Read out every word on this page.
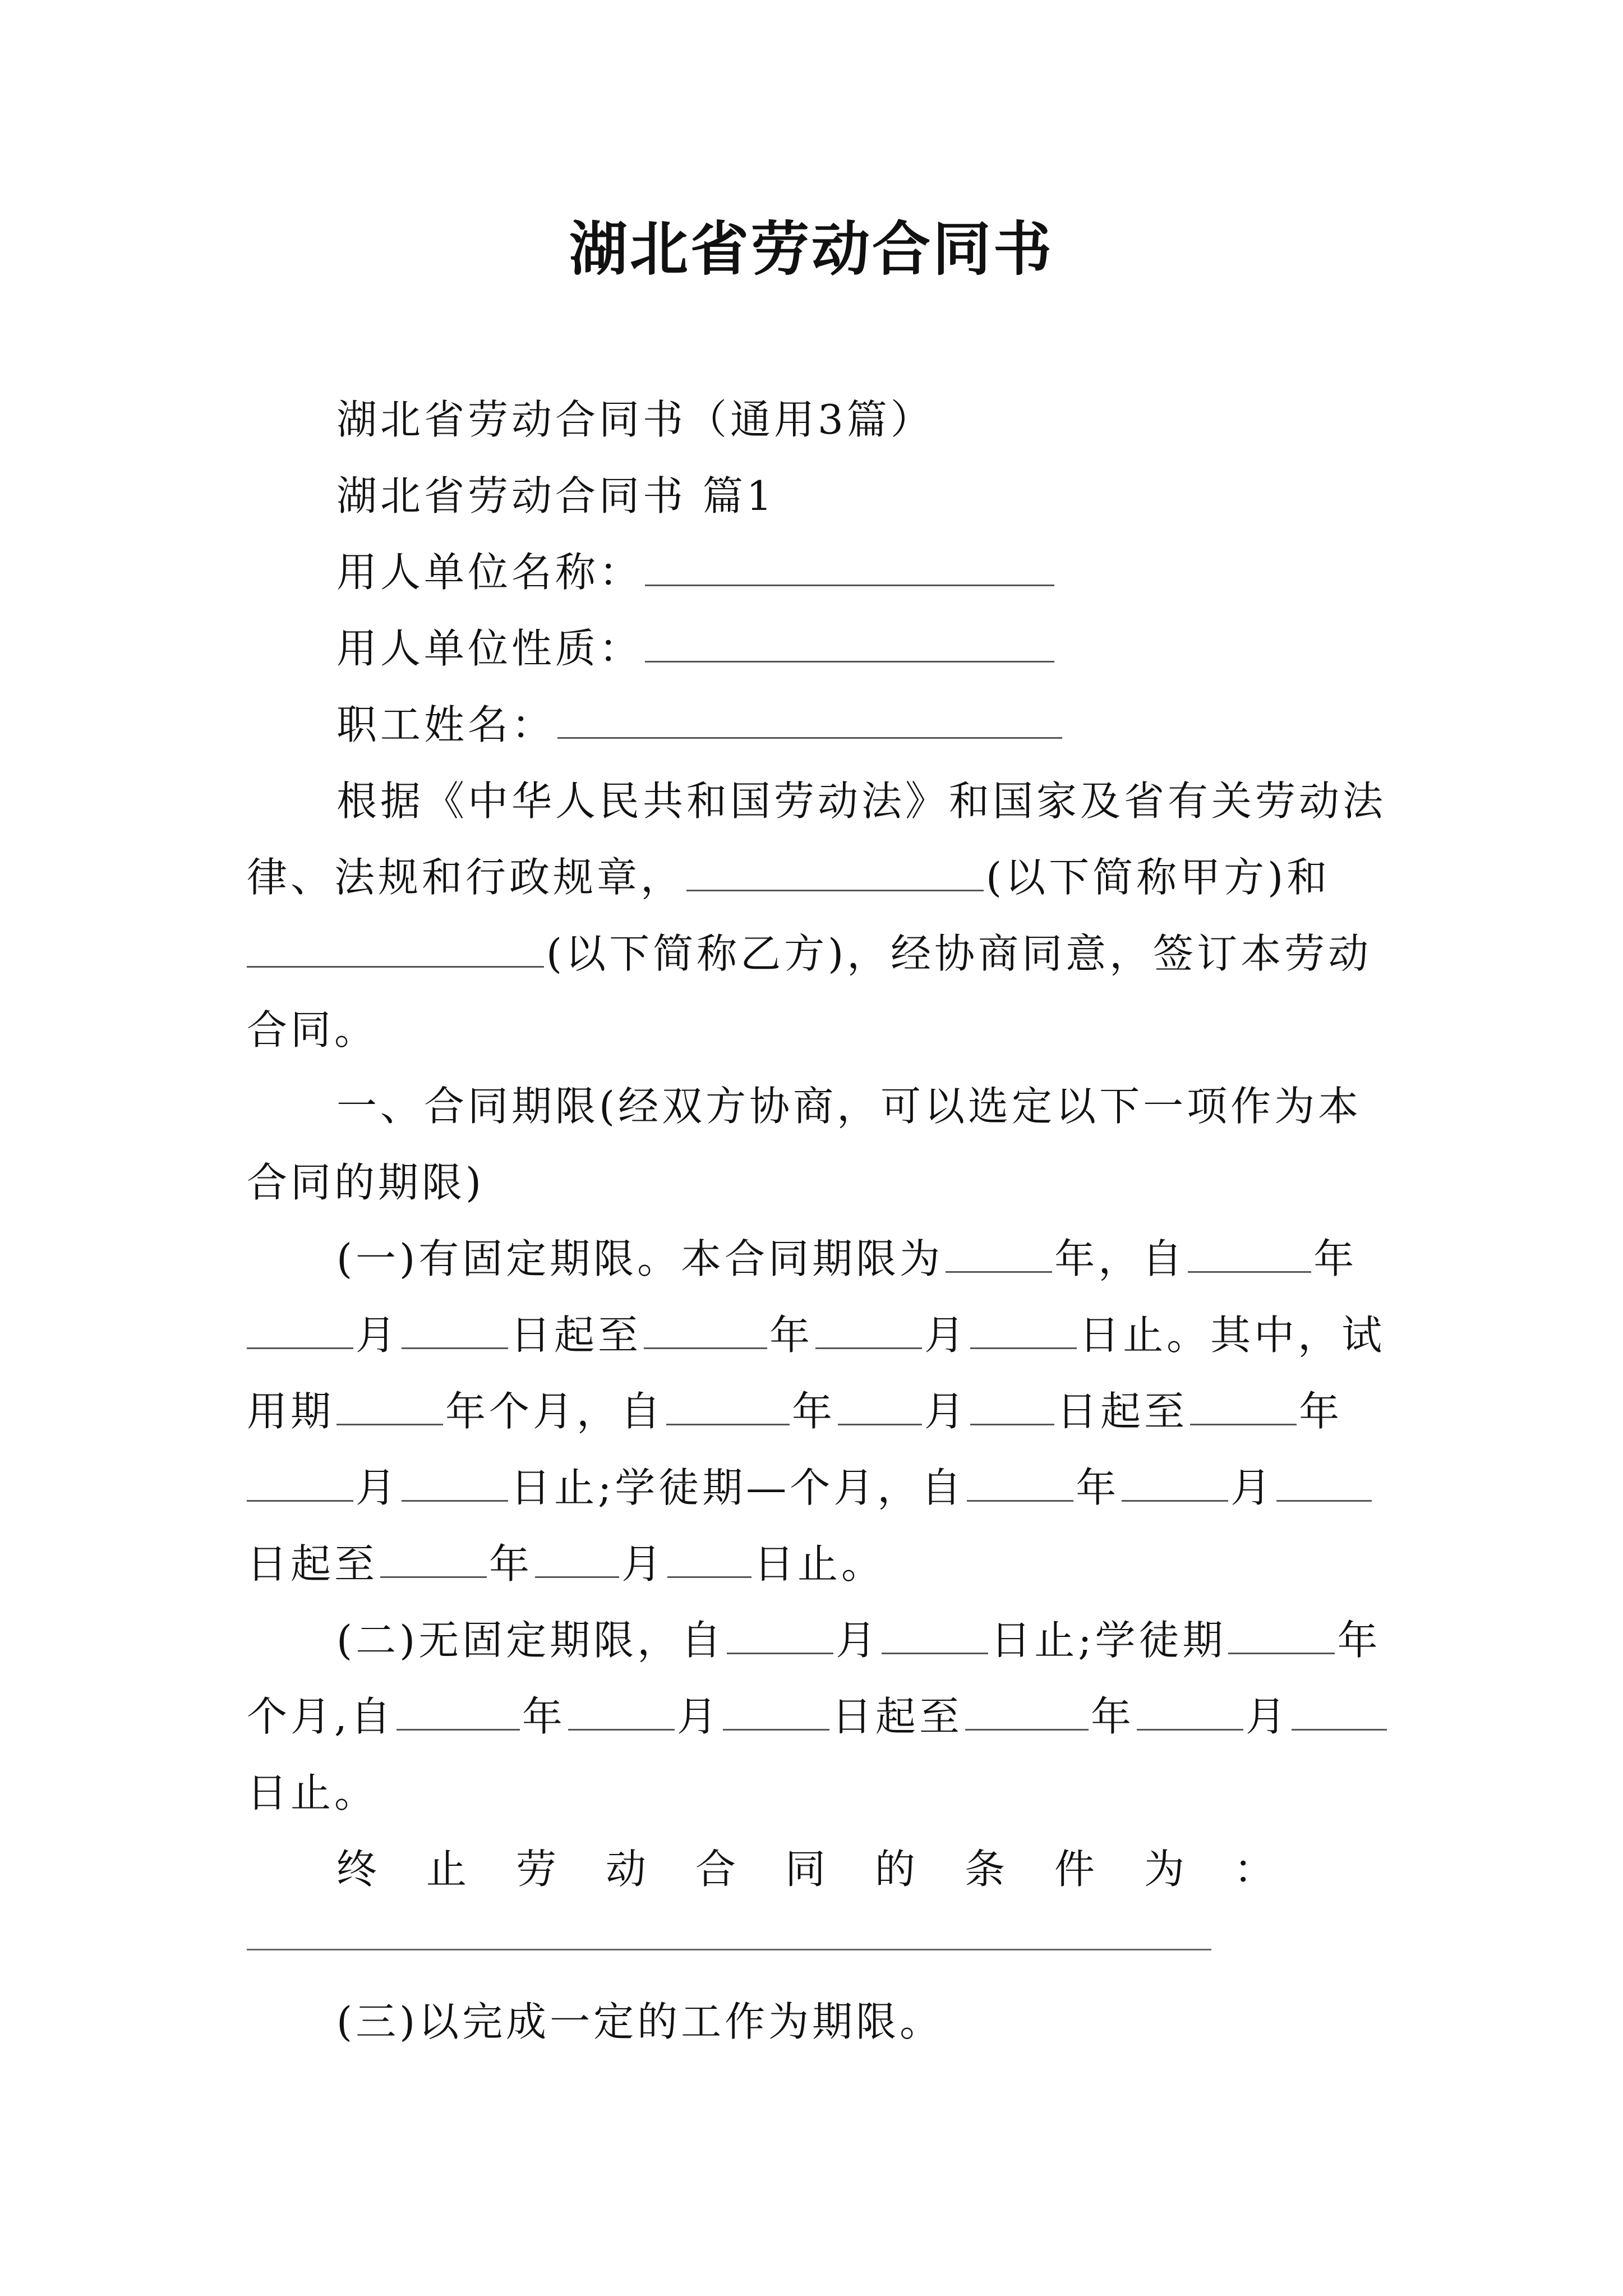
湖北省劳动合同书
湖北省劳动合同书（通用3篇）
湖北省劳动合同书 篇1
用人单位名称：
用人单位性质：
职工姓名：
根据《中华人民共和国劳动法》和国家及省有关劳动法
律、法规和行政规章，	(以下简称甲方)和
(以下简称乙方)，经协商同意，签订本劳动
合同。
一、合同期限(经双方协商，可以选定以下一项作为本
合同的期限)
(一)有固定期限。本合同期限为	年，自	年
月	日起至	年	月	日止。其中，试
用期	年个月，自	年 月 日起至	年
月	日止;学徒期—个月，自	年	月
日起至	年 月 日止。
(二)无固定期限，自	月	日止;学徒期	年
个月,自	年	月	日起至	年	月
日止。
终止劳动合同的条件为：
(三)以完成一定的工作为期限。
